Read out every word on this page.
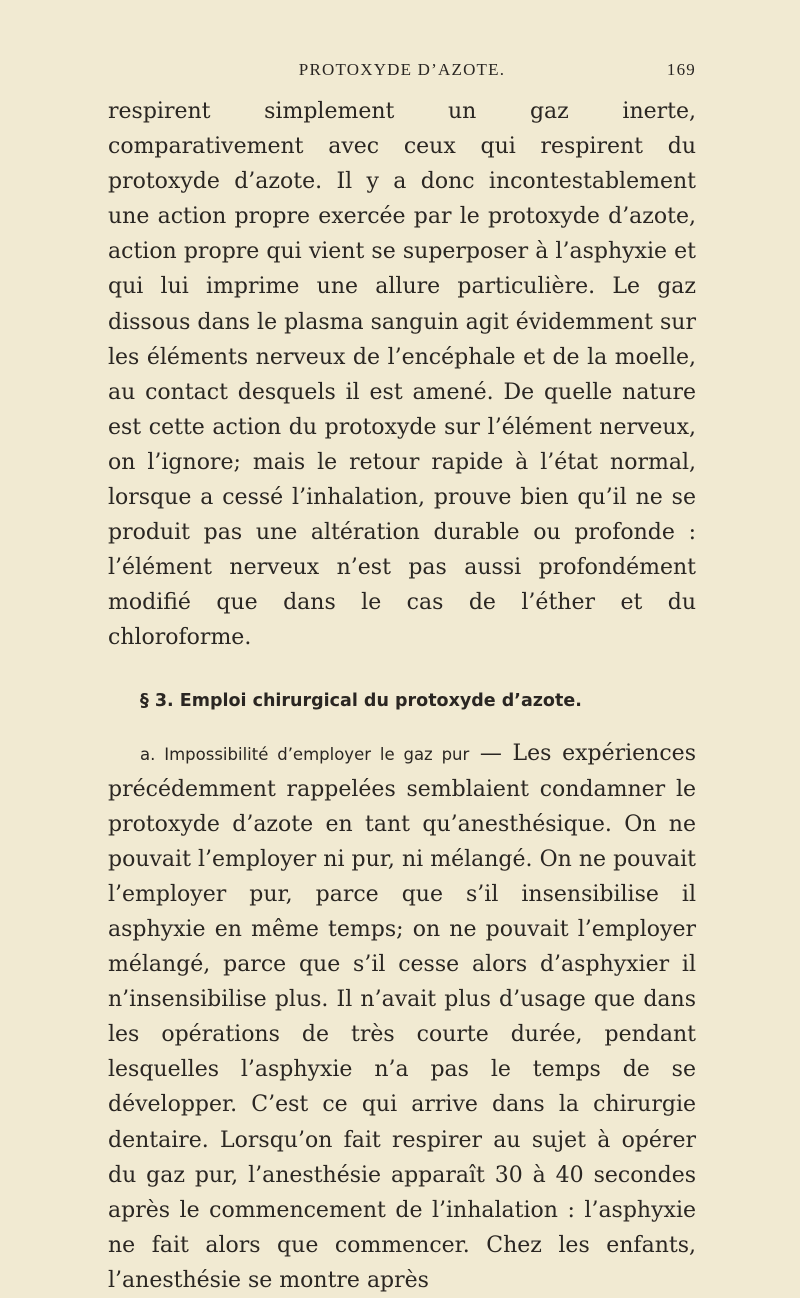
PROTOXYDE D’AZOTE.	169

respirent simplement un gaz inerte, comparativement avec ceux qui respirent du protoxyde d’azote. Il y a donc incontestablement une action propre exercée par le protoxyde d’azote, action propre qui vient se superposer à l’asphyxie et qui lui imprime une allure particulière. Le gaz dissous dans le plasma sanguin agit évidemment sur les éléments nerveux de l’encéphale et de la moelle, au contact desquels il est amené. De quelle nature est cette action du protoxyde sur l’élément nerveux, on l’ignore; mais le retour rapide à l’état normal, lorsque a cessé l’inhalation, prouve bien qu’il ne se produit pas une altération durable ou profonde : l’élément nerveux n’est pas aussi profondément modifié que dans le cas de l’éther et du chloroforme.

§ 3. Emploi chirurgical du protoxyde d’azote.

a. Impossibilité d’employer le gaz pur — Les expériences précédemment rappelées semblaient condamner le protoxyde d’azote en tant qu’anesthésique. On ne pouvait l’employer ni pur, ni mélangé. On ne pouvait l’employer pur, parce que s’il insensibilise il asphyxie en même temps; on ne pouvait l’employer mélangé, parce que s’il cesse alors d’asphyxier il n’insensibilise plus. Il n’avait plus d’usage que dans les opérations de très courte durée, pendant lesquelles l’asphyxie n’a pas le temps de se développer. C’est ce qui arrive dans la chirurgie dentaire. Lorsqu’on fait respirer au sujet à opérer du gaz pur, l’anesthésie apparaît 30 à 40 secondes après le commencement de l’inhalation : l’asphyxie ne fait alors que commencer. Chez les enfants, l’anesthésie se montre après
